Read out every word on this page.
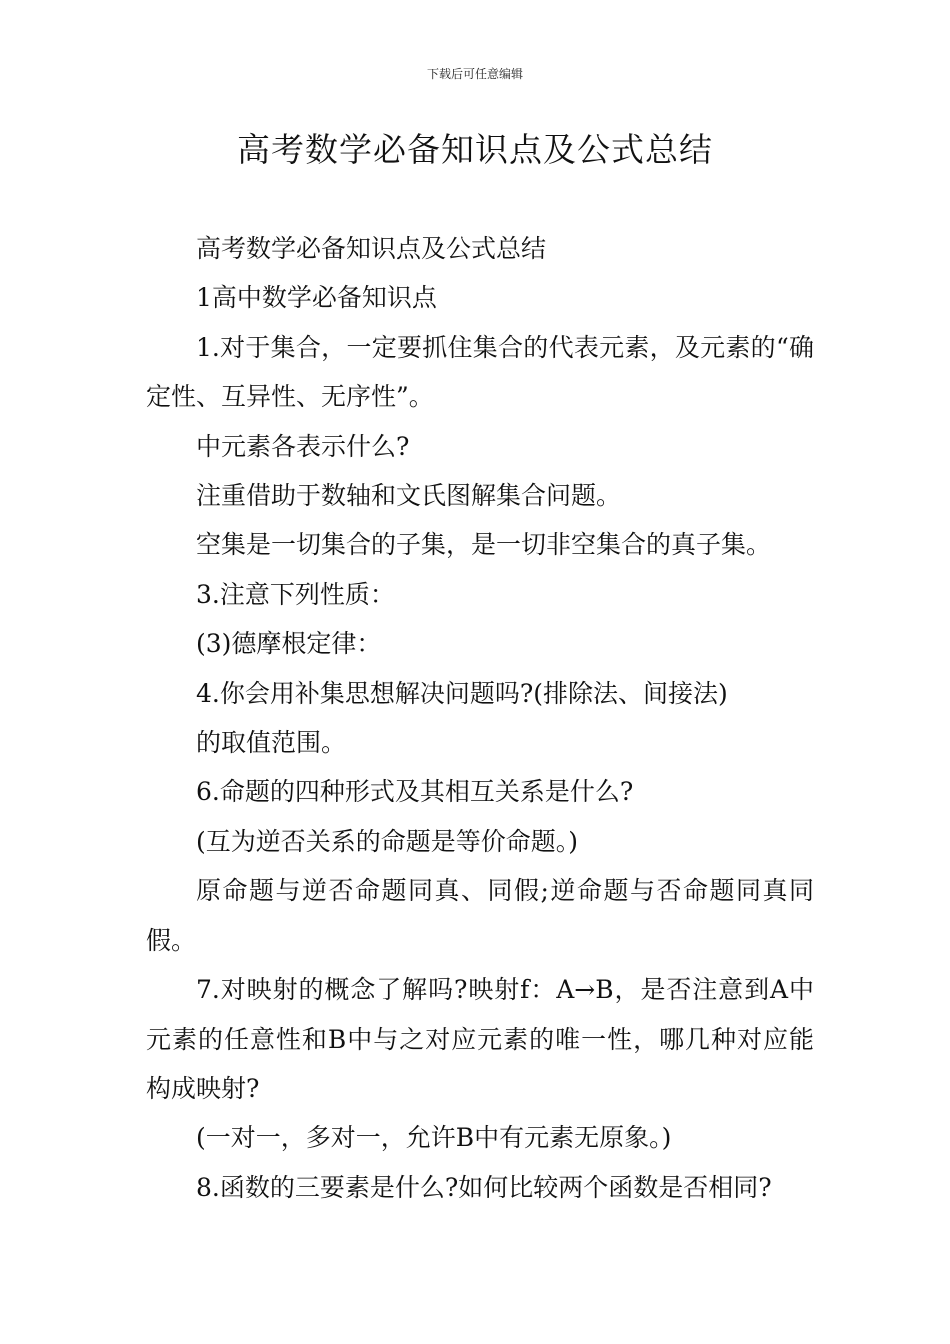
下载后可任意编辑
高考数学必备知识点及公式总结

高考数学必备知识点及公式总结

1高中数学必备知识点

1.对于集合，一定要抓住集合的代表元素，及元素的“确定性、互异性、无序性”。

中元素各表示什么?

注重借助于数轴和文氏图解集合问题。

空集是一切集合的子集，是一切非空集合的真子集。

3.注意下列性质：

(3)德摩根定律：

4.你会用补集思想解决问题吗?(排除法、间接法)

的取值范围。

6.命题的四种形式及其相互关系是什么?

(互为逆否关系的命题是等价命题。)

原命题与逆否命题同真、同假;逆命题与否命题同真同假。

7.对映射的概念了解吗?映射f：A→B，是否注意到A中元素的任意性和B中与之对应元素的唯一性，哪几种对应能构成映射?

(一对一，多对一，允许B中有元素无原象。)

8.函数的三要素是什么?如何比较两个函数是否相同?
